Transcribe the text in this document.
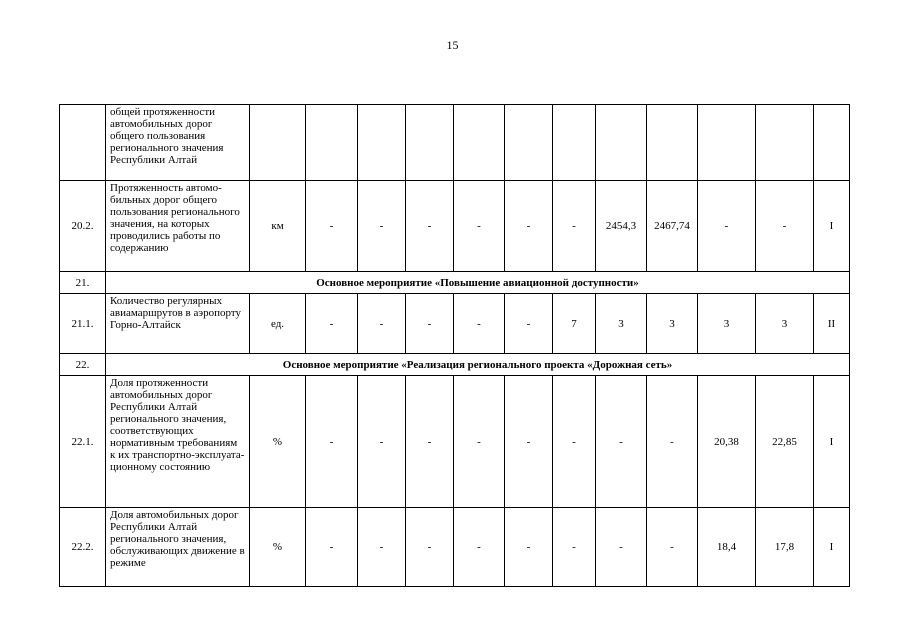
15
	общей протяженности автомобильных дорог общего пользования регионального значения Республики Алтай												
20.2.	Протяженность автомо-бильных дорог общего пользования регионального значения, на которых проводились работы по содержанию	км	-	-	-	-	-	-	2454,3	2467,74	-	-	I
21.	Основное мероприятие «Повышение авиационной доступности»												
21.1.	Количество регулярных авиамаршрутов в аэропорту Горно-Алтайск	ед.	-	-	-	-	-	7	3	3	3	3	II
22.	Основное мероприятие «Реализация регионального проекта «Дорожная сеть»												
22.1.	Доля протяженности автомобильных дорог Республики Алтай регионального значения, соответствующих нормативным требованиям к их транспортно-эксплуата-ционному состоянию	%	-	-	-	-	-	-	-	-	20,38	22,85	I
22.2.	Доля автомобильных дорог Республики Алтай регионального значения, обслуживающих движение в режиме	%	-	-	-	-	-	-	-	-	18,4	17,8	I
